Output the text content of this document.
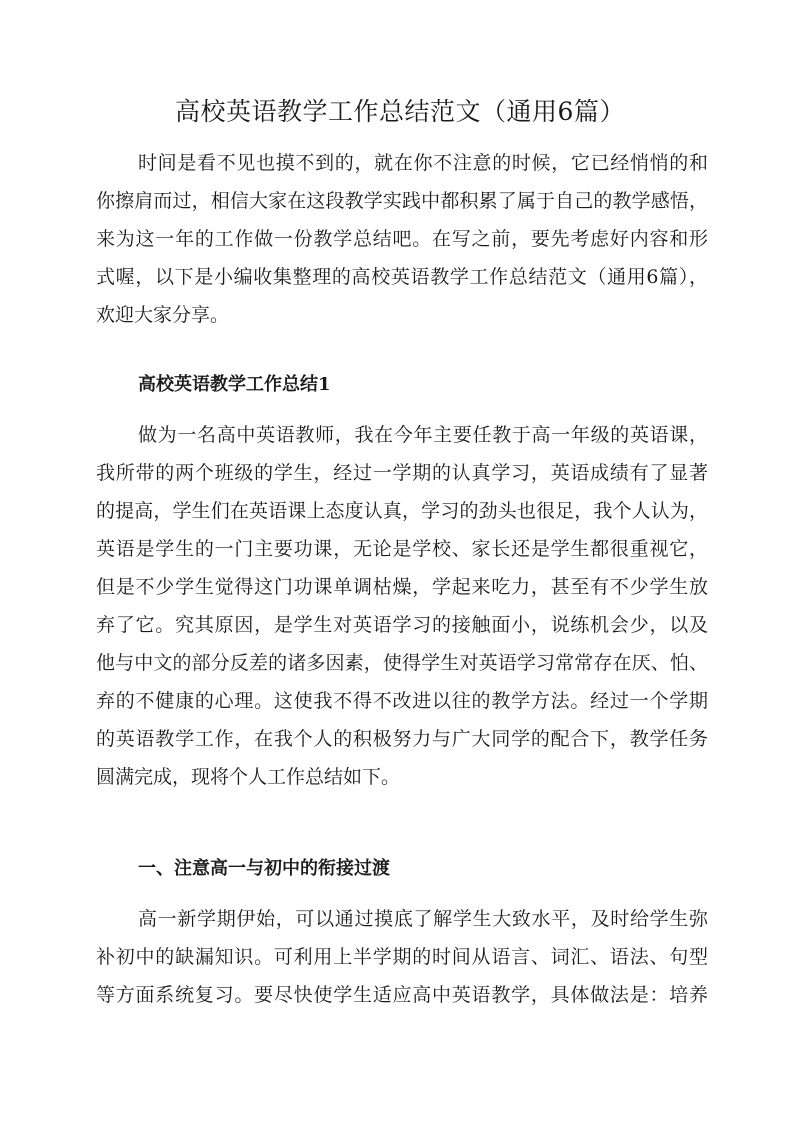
高校英语教学工作总结范文（通用6篇）
时间是看不见也摸不到的，就在你不注意的时候，它已经悄悄的和
你擦肩而过，相信大家在这段教学实践中都积累了属于自己的教学感悟，
来为这一年的工作做一份教学总结吧。在写之前，要先考虑好内容和形
式喔，以下是小编收集整理的高校英语教学工作总结范文（通用6篇），
欢迎大家分享。
高校英语教学工作总结1
做为一名高中英语教师，我在今年主要任教于高一年级的英语课，
我所带的两个班级的学生，经过一学期的认真学习，英语成绩有了显著
的提高，学生们在英语课上态度认真，学习的劲头也很足，我个人认为，
英语是学生的一门主要功课，无论是学校、家长还是学生都很重视它，
但是不少学生觉得这门功课单调枯燥，学起来吃力，甚至有不少学生放
弃了它。究其原因，是学生对英语学习的接触面小，说练机会少，以及
他与中文的部分反差的诸多因素，使得学生对英语学习常常存在厌、怕、
弃的不健康的心理。这使我不得不改进以往的教学方法。经过一个学期
的英语教学工作，在我个人的积极努力与广大同学的配合下，教学任务
圆满完成，现将个人工作总结如下。
一、注意高一与初中的衔接过渡
高一新学期伊始，可以通过摸底了解学生大致水平，及时给学生弥
补初中的缺漏知识。可利用上半学期的时间从语言、词汇、语法、句型
等方面系统复习。要尽快使学生适应高中英语教学，具体做法是：培养
